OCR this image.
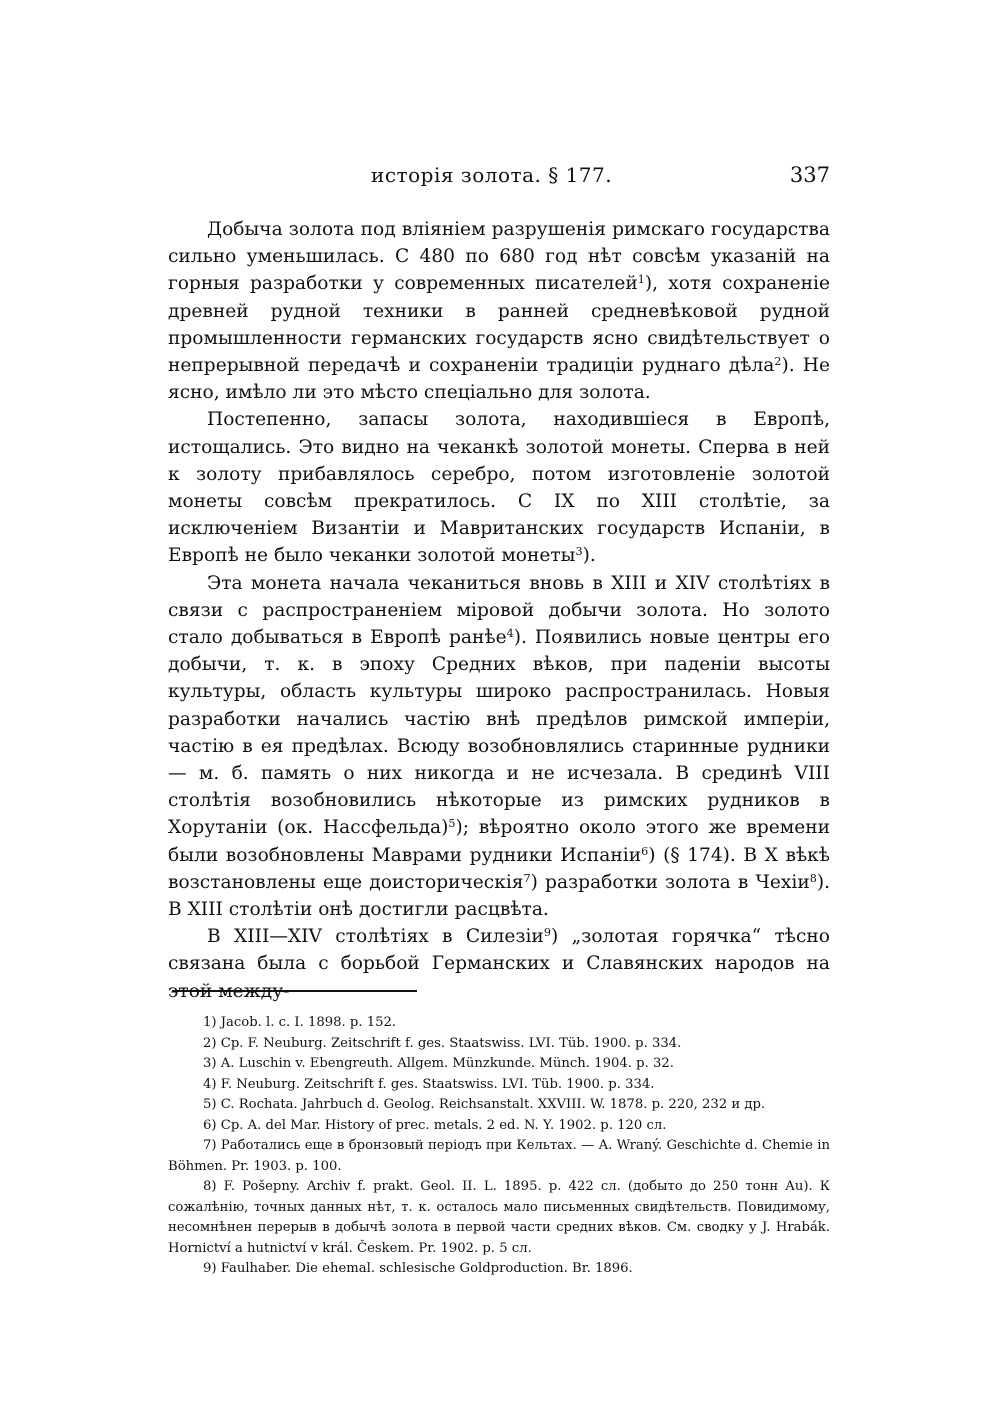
исторія золота. § 177.	337

Добыча золота под вліяніем разрушенія римскаго государства сильно уменьшилась. С 480 по 680 год нѣт совсѣм указаній на горныя разработки у современных писателей$^1$), хотя сохраненіе древней рудной техники в ранней средневѣковой рудной промышленности германских государств ясно свидѣтельствует о непрерывной передачѣ и сохраненіи традиціи руднаго дѣла$^2$). Не ясно, имѣло ли это мѣсто спеціально для золота.

Постепенно, запасы золота, находившіеся в Европѣ, истощались. Это видно на чеканкѣ золотой монеты. Сперва в ней к золоту прибавлялось серебро, потом изготовленіе золотой монеты совсѣм прекратилось. С IX по XIII столѣтіе, за исключеніем Византіи и Мавританских государств Испаніи, в Европѣ не было чеканки золотой монеты$^3$).

Эта монета начала чеканиться вновь в XIII и XIV столѣтіях в связи с распространеніем міровой добычи золота. Но золото стало добываться в Европѣ ранѣе$^4$). Появились новые центры его добычи, т. к. в эпоху Средних вѣков, при паденіи высоты культуры, область культуры широко распространилась. Новыя разработки начались частію внѣ предѣлов римской имперіи, частію в ея предѣлах. Всюду возобновлялись старинные рудники — м. б. память о них никогда и не исчезала. В срединѣ VIII столѣтія возобновились нѣкоторые из римских рудников в Хорутаніи (ок. Нассфельда)$^5$); вѣроятно около этого же времени были возобновлены Маврами рудники Испаніи$^6$) (§ 174). В X вѣкѣ возстановлены еще доисторическія$^7$) разработки золота в Чехіи$^8$). В XIII столѣтіи онѣ достигли расцвѣта.

В XIII—XIV столѣтіях в Силезіи$^9$) „золотая горячка“ тѣсно связана была с борьбой Германских и Славянских народов на этой между-

1) Jacob. l. c. I. 1898. p. 152.
2) Cp. F. Neuburg. Zeitschrift f. ges. Staatswiss. LVI. Tüb. 1900. p. 334.
3) A. Luschin v. Ebengreuth. Allgem. Münzkunde. Münch. 1904. p. 32.
4) F. Neuburg. Zeitschrift f. ges. Staatswiss. LVI. Tüb. 1900. p. 334.
5) C. Rochata. Jahrbuch d. Geolog. Reichsanstalt. XXVIII. W. 1878. p. 220, 232 и др.
6) Cp. A. del Mar. History of prec. metals. 2 ed. N. Y. 1902. p. 120 сл.
7) Работались еще в бронзовый періодъ при Кельтах. — A. Wraný. Geschichte d. Chemie in Böhmen. Pr. 1903. p. 100.
8) F. Pošepny. Archiv f. prakt. Geol. II. L. 1895. p. 422 сл. (добыто до 250 тонн Au). К сожалѣнію, точных данных нѣт, т. к. осталось мало письменных свидѣтельств. Повидимому, несомнѣнен перерыв в добычѣ золота в первой части средних вѣков. См. сводку у J. Hrabák. Hornictví a hutnictví v král. Českem. Pr. 1902. p. 5 сл.
9) Faulhaber. Die ehemal. schlesische Goldproduction. Br. 1896.
